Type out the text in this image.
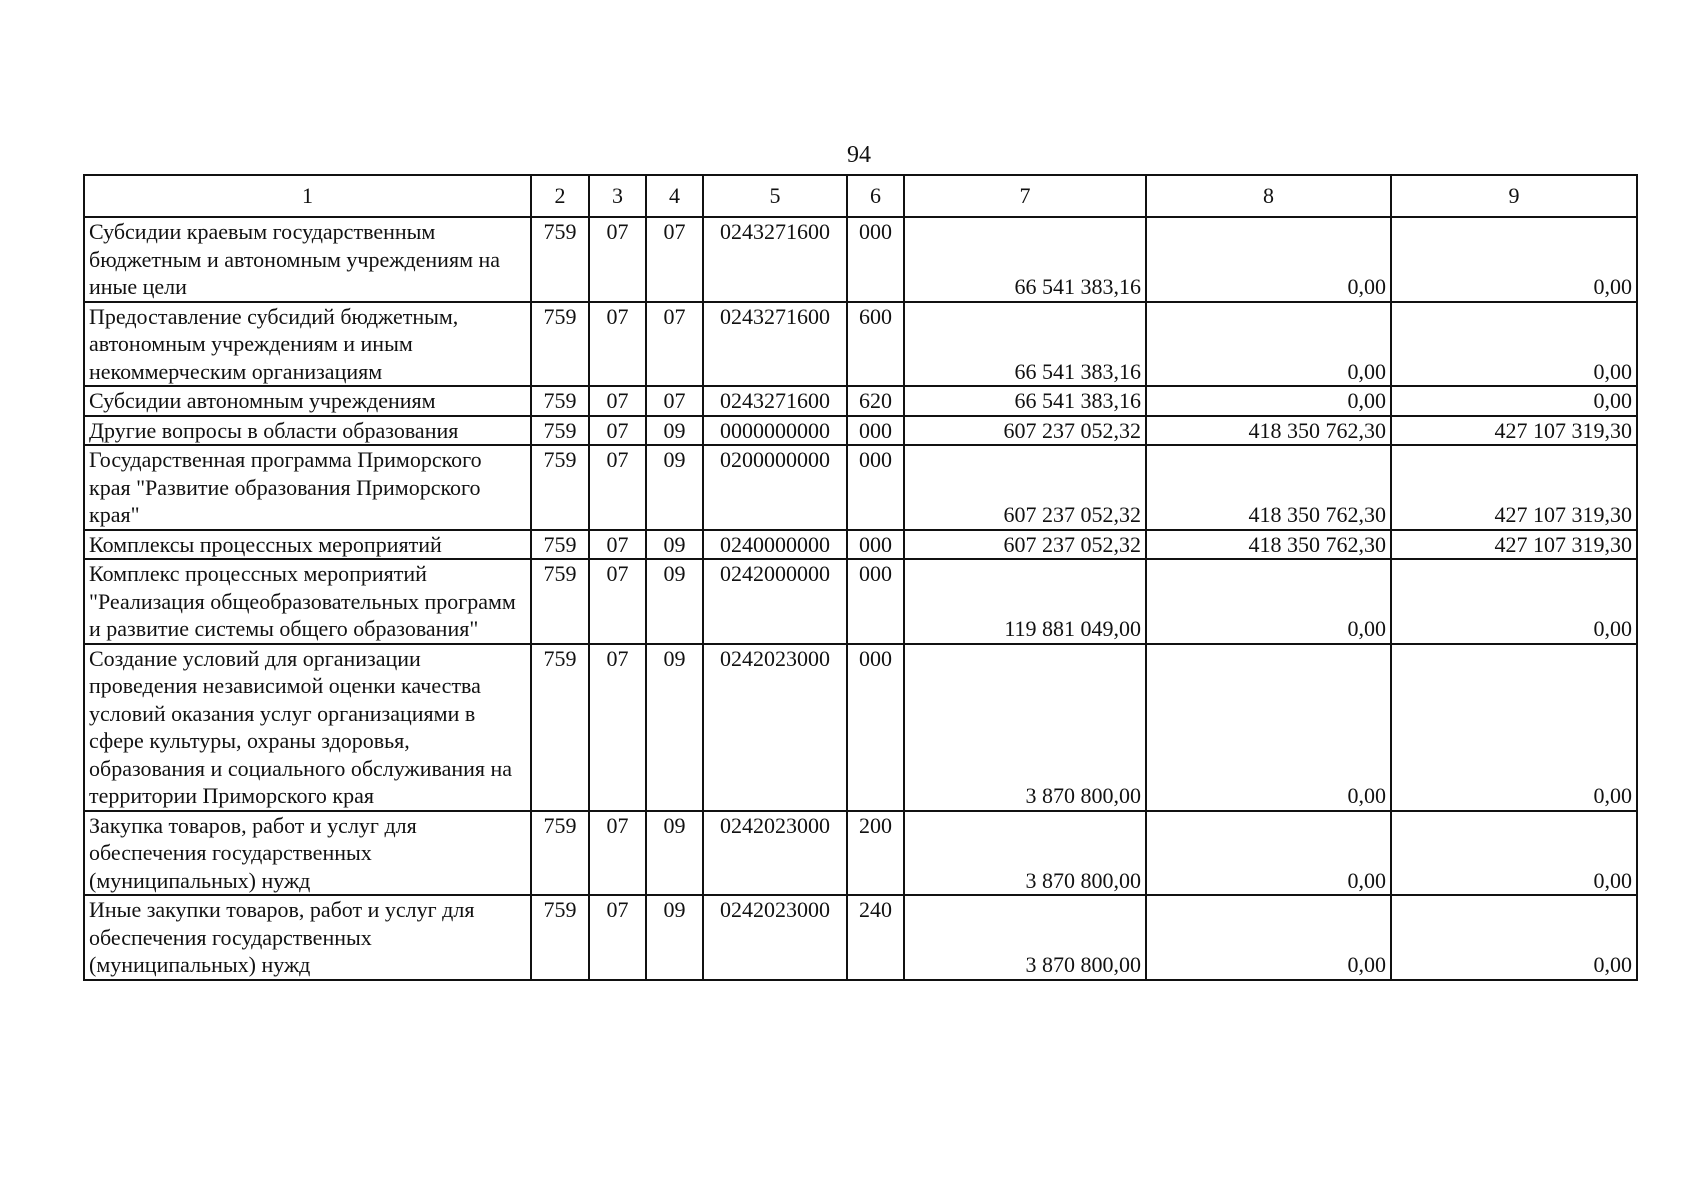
94
1	2	3	4	5	6	7	8	9
Субсидии краевым государственным бюджетным и автономным учреждениям на иные цели	759	07	07	0243271600	000	66 541 383,16	0,00	0,00
Предоставление субсидий бюджетным, автономным учреждениям и иным некоммерческим организациям	759	07	07	0243271600	600	66 541 383,16	0,00	0,00
Субсидии автономным учреждениям	759	07	07	0243271600	620	66 541 383,16	0,00	0,00
Другие вопросы в области образования	759	07	09	0000000000	000	607 237 052,32	418 350 762,30	427 107 319,30
Государственная программа Приморского края "Развитие образования Приморского края"	759	07	09	0200000000	000	607 237 052,32	418 350 762,30	427 107 319,30
Комплексы процессных мероприятий	759	07	09	0240000000	000	607 237 052,32	418 350 762,30	427 107 319,30
Комплекс процессных мероприятий "Реализация общеобразовательных программ и развитие системы общего образования"	759	07	09	0242000000	000	119 881 049,00	0,00	0,00
Создание условий для организации проведения независимой оценки качества условий оказания услуг организациями в сфере культуры, охраны здоровья, образования и социального обслуживания на территории Приморского края	759	07	09	0242023000	000	3 870 800,00	0,00	0,00
Закупка товаров, работ и услуг для обеспечения государственных (муниципальных) нужд	759	07	09	0242023000	200	3 870 800,00	0,00	0,00
Иные закупки товаров, работ и услуг для обеспечения государственных (муниципальных) нужд	759	07	09	0242023000	240	3 870 800,00	0,00	0,00
